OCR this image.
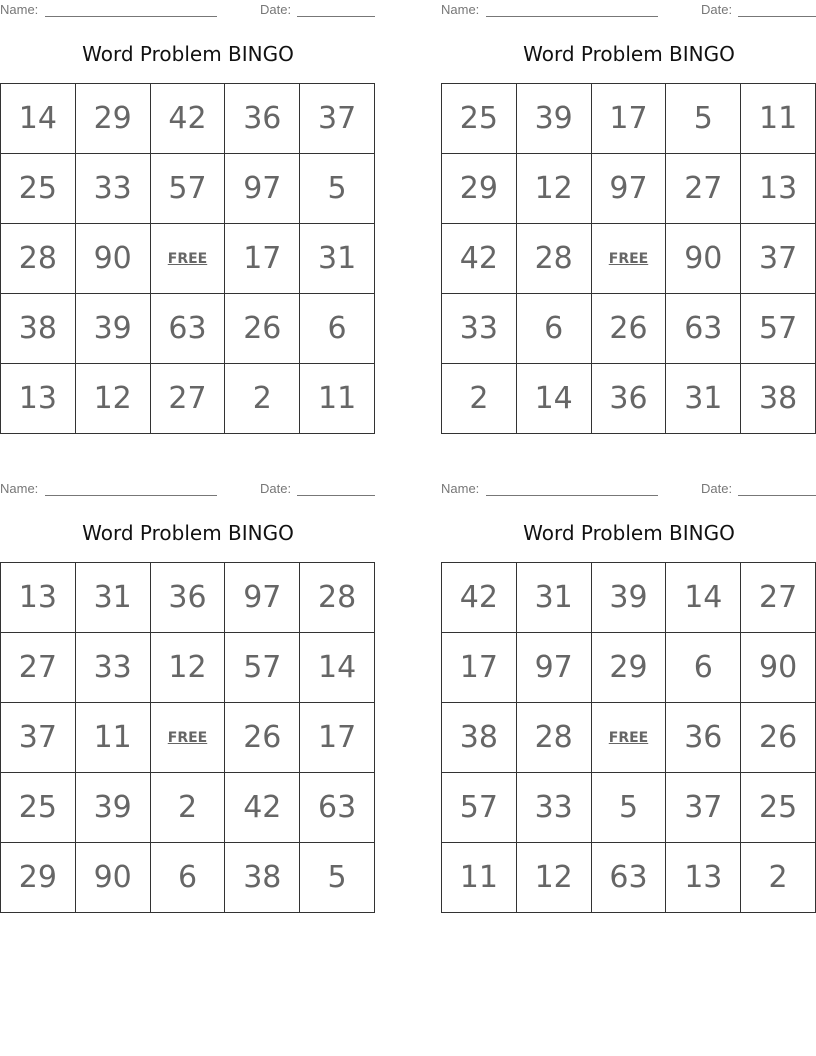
Name:	Date:
Word Problem BINGO
14	29	42	36	37
25	33	57	97	5
28	90	FREE	17	31
38	39	63	26	6
13	12	27	2	11
Name:	Date:
Word Problem BINGO
25	39	17	5	11
29	12	97	27	13
42	28	FREE	90	37
33	6	26	63	57
2	14	36	31	38
Name:	Date:
Word Problem BINGO
13	31	36	97	28
27	33	12	57	14
37	11	FREE	26	17
25	39	2	42	63
29	90	6	38	5
Name:	Date:
Word Problem BINGO
42	31	39	14	27
17	97	29	6	90
38	28	FREE	36	26
57	33	5	37	25
11	12	63	13	2
